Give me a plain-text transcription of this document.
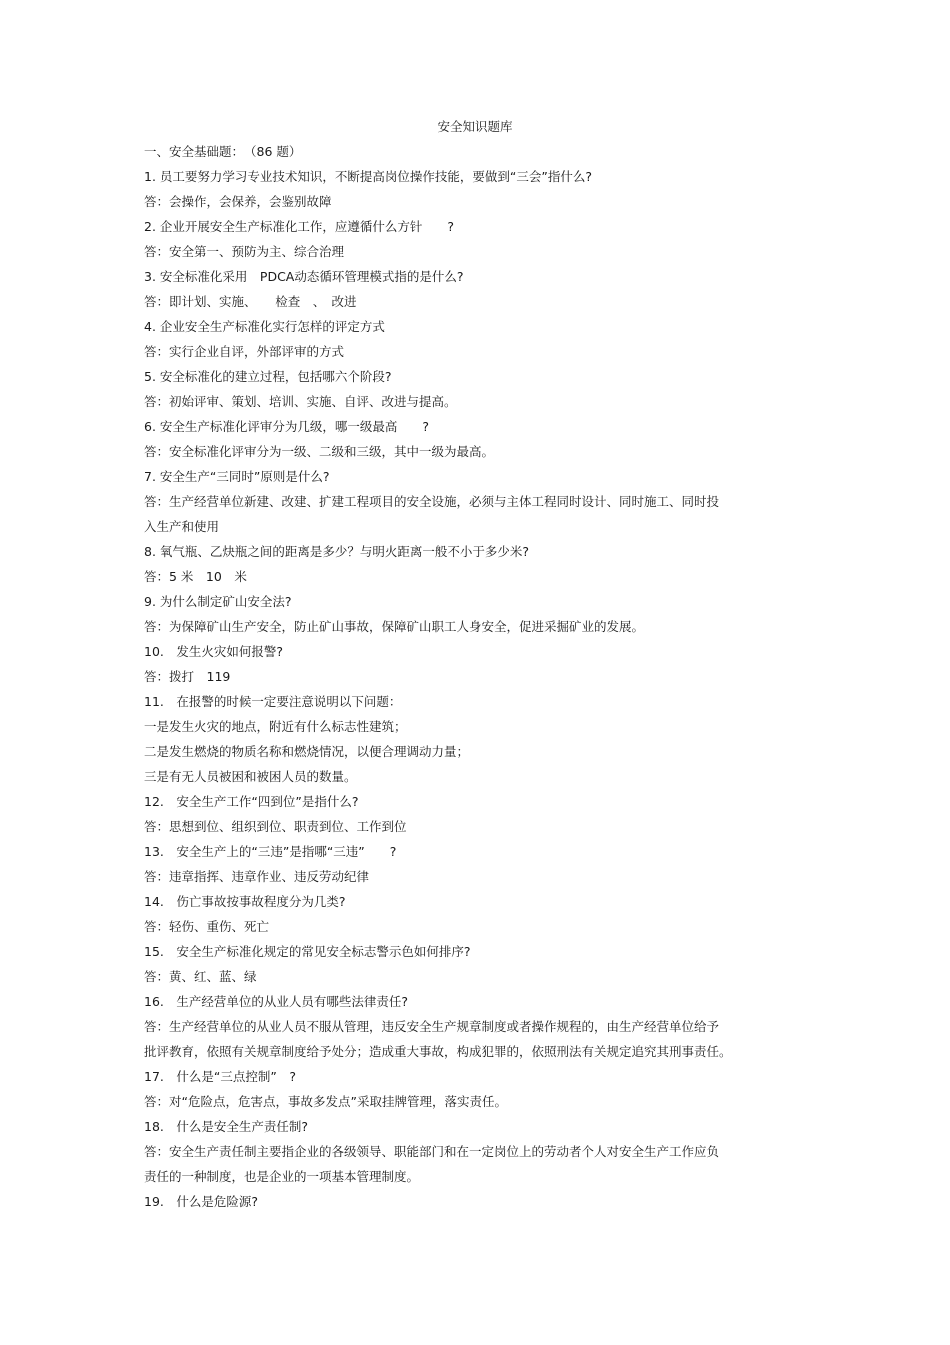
安全知识题库
一、安全基础题：　（86 题）
1. 员工要努力学习专业技术知识，不断提高岗位操作技能，要做到“三会”指什么?
答：会操作，会保养，会鉴别故障
2. 企业开展安全生产标准化工作，应遵循什么方针　　?
答：安全第一、预防为主、综合治理
3. 安全标准化采用　PDCA动态循环管理模式指的是什么?
答：即计划、实施、　　检查　、　改进
4. 企业安全生产标准化实行怎样的评定方式
答：实行企业自评，外部评审的方式
5. 安全标准化的建立过程，包括哪六个阶段?
答：初始评审、策划、培训、实施、自评、改进与提高。
6. 安全生产标准化评审分为几级，哪一级最高　　?
答：安全标准化评审分为一级、二级和三级，其中一级为最高。
7. 安全生产“三同时”原则是什么?
答：生产经营单位新建、改建、扩建工程项目的安全设施，必须与主体工程同时设计、同时施工、同时投
入生产和使用
8. 氧气瓶、乙炔瓶之间的距离是多少？与明火距离一般不小于多少米?
答：5 米　10　米
9. 为什么制定矿山安全法?
答：为保障矿山生产安全，防止矿山事故，保障矿山职工人身安全，促进采掘矿业的发展。
10.　发生火灾如何报警?
答：拨打　119
11.　在报警的时候一定要注意说明以下问题：
一是发生火灾的地点，附近有什么标志性建筑；
二是发生燃烧的物质名称和燃烧情况，以便合理调动力量；
三是有无人员被困和被困人员的数量。
12.　安全生产工作“四到位”是指什么?
答：思想到位、组织到位、职责到位、工作到位
13.　安全生产上的“三违”是指哪“三违”　　?
答：违章指挥、违章作业、违反劳动纪律
14.　伤亡事故按事故程度分为几类?
答：轻伤、重伤、死亡
15.　安全生产标准化规定的常见安全标志警示色如何排序?
答：黄、红、蓝、绿
16.　生产经营单位的从业人员有哪些法律责任?
答：生产经营单位的从业人员不服从管理，违反安全生产规章制度或者操作规程的，由生产经营单位给予
批评教育，依照有关规章制度给予处分；造成重大事故，构成犯罪的，依照刑法有关规定追究其刑事责任。
17.　什么是“三点控制”　?
答：对“危险点，危害点，事故多发点”采取挂牌管理，落实责任。
18.　什么是安全生产责任制?
答：安全生产责任制主要指企业的各级领导、职能部门和在一定岗位上的劳动者个人对安全生产工作应负
责任的一种制度，也是企业的一项基本管理制度。
19.　什么是危险源?
